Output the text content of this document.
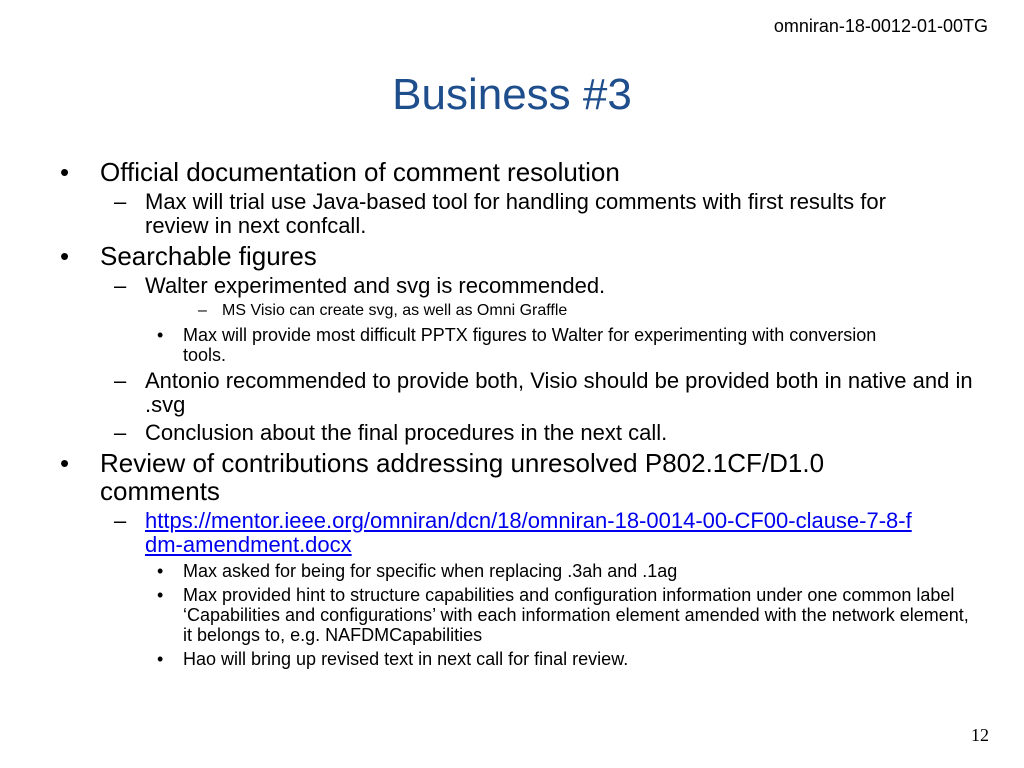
omniran-18-0012-01-00TG
Business #3
• Official documentation of comment resolution
– Max will trial use Java-based tool for handling comments with first results for review in next confcall.
• Searchable figures
– Walter experimented and svg is recommended.
– MS Visio can create svg, as well as Omni Graffle
• Max will provide most difficult PPTX figures to Walter for experimenting with conversion tools.
– Antonio recommended to provide both, Visio should be provided both in native and in .svg
– Conclusion about the final procedures in the next call.
• Review of contributions addressing unresolved P802.1CF/D1.0 comments
– https://mentor.ieee.org/omniran/dcn/18/omniran-18-0014-00-CF00-clause-7-8-fdm-amendment.docx
• Max asked for being for specific when replacing .3ah and .1ag
• Max provided hint to structure capabilities and configuration information under one common label ‘Capabilities and configurations’ with each information element amended with the network element, it belongs to, e.g. NAFDMCapabilities
• Hao will bring up revised text in next call for final review.
12
